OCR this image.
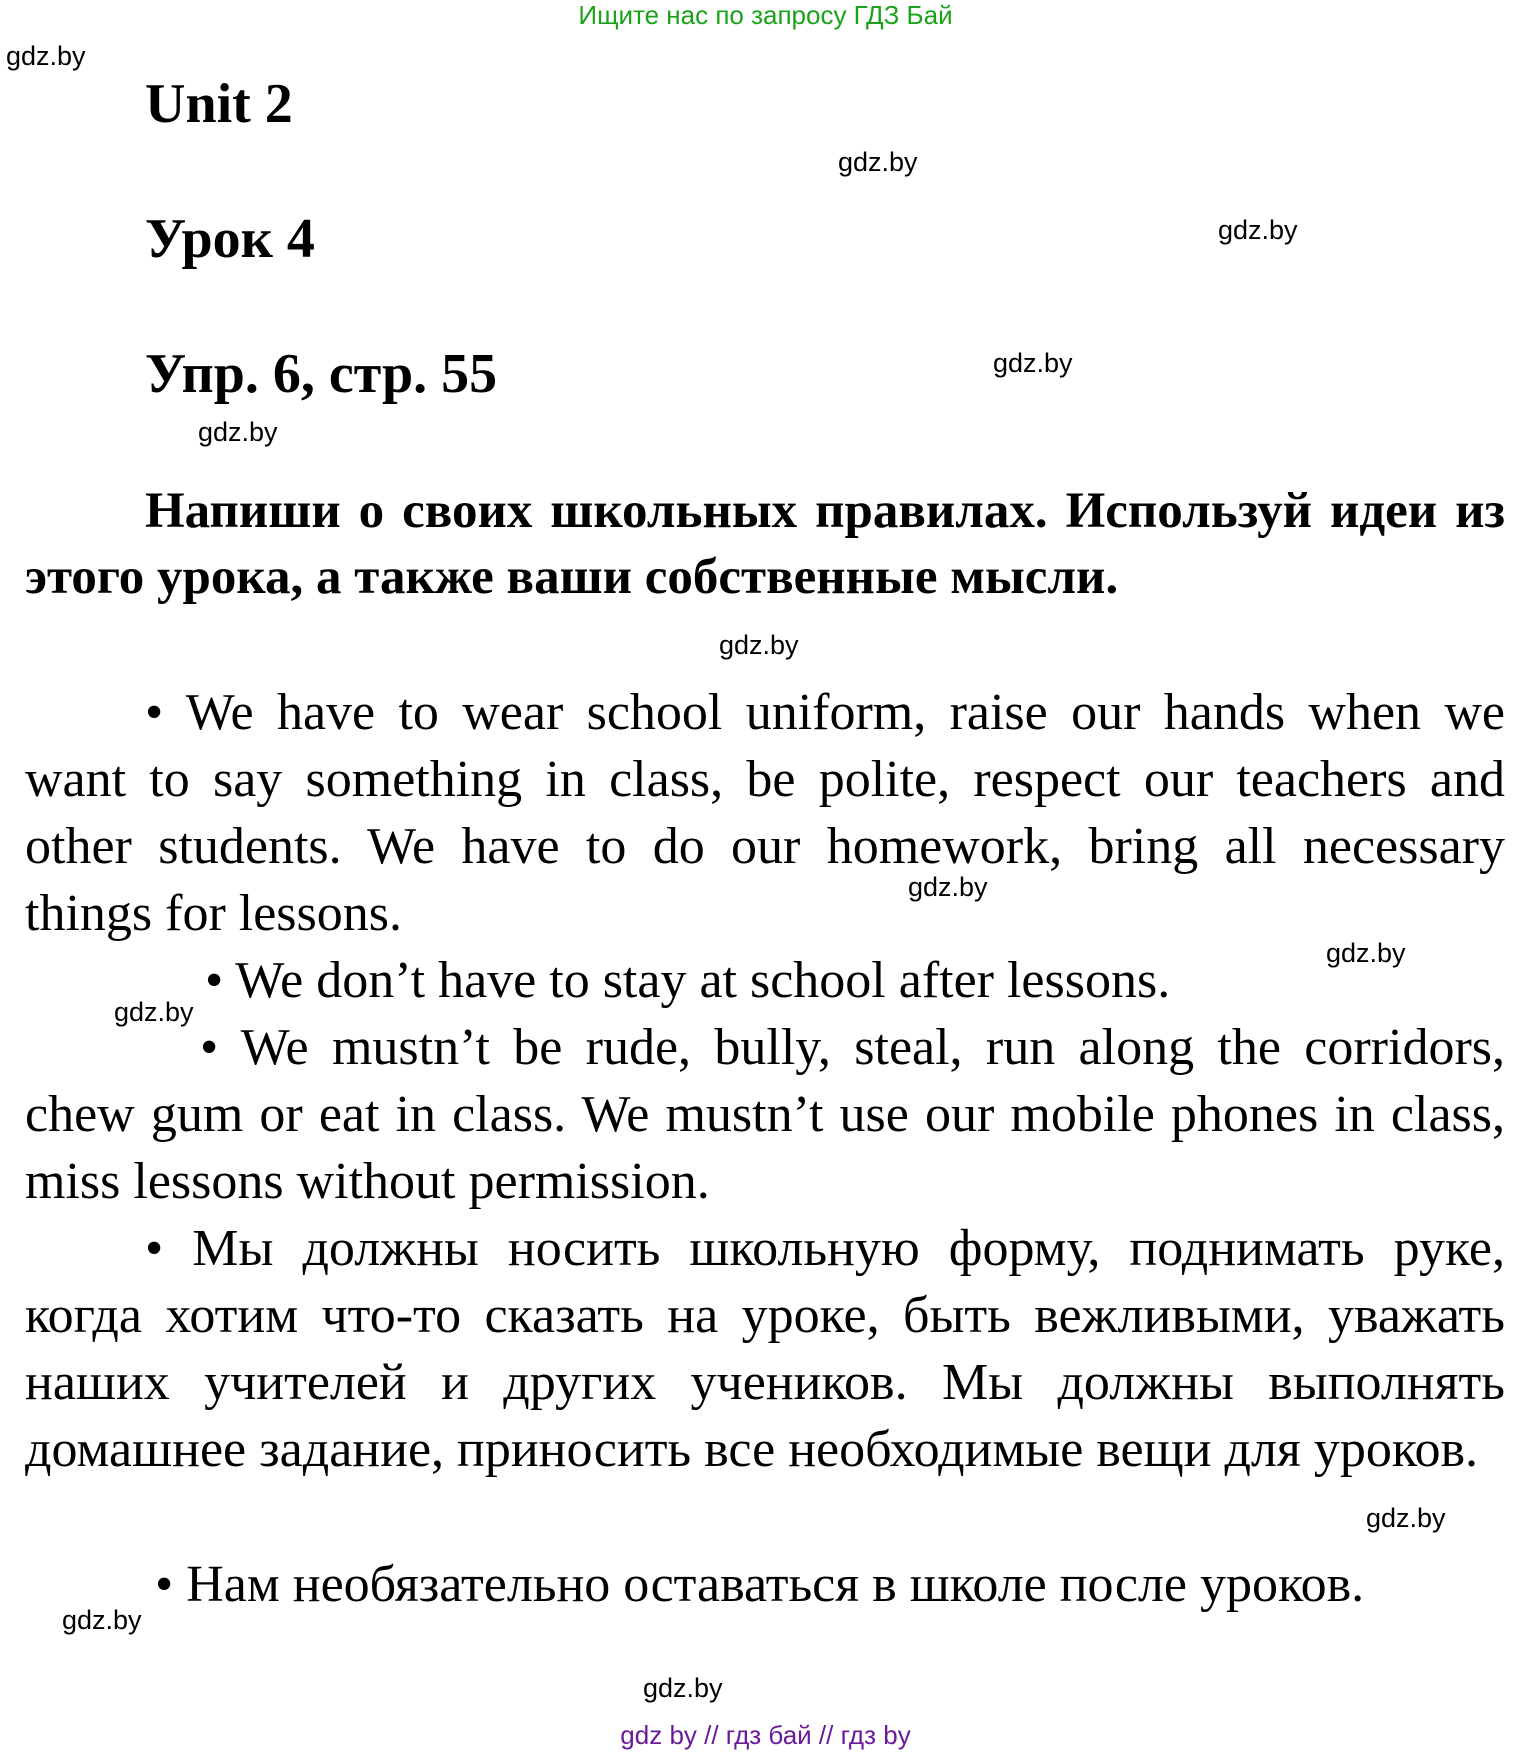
Ищите нас по запросу ГДЗ Бай
gdz.by
gdz.by
gdz.by
gdz.by
gdz.by
gdz.by
gdz.by
gdz.by
gdz.by
gdz.by
gdz.by
gdz.by
Unit 2
Урок 4
Упр. 6, стр. 55
Напиши о своих школьных правилах. Используй идеи из этого урока, а также ваши собственные мысли.
• We have to wear school uniform, raise our hands when we want to say something in class, be polite, respect our teachers and other students. We have to do our homework, bring all necessary things for lessons.
• We don’t have to stay at school after lessons.
• We mustn’t be rude, bully, steal, run along the corridors, chew gum or eat in class. We mustn’t use our mobile phones in class, miss lessons without permission.
• Мы должны носить школьную форму, поднимать руке, когда хотим что-то сказать на уроке, быть вежливыми, уважать наших учителей и других учеников. Мы должны выполнять домашнее задание, приносить все необходимые вещи для уроков.
• Нам необязательно оставаться в школе после уроков.
gdz by // гдз бай // гдз by
